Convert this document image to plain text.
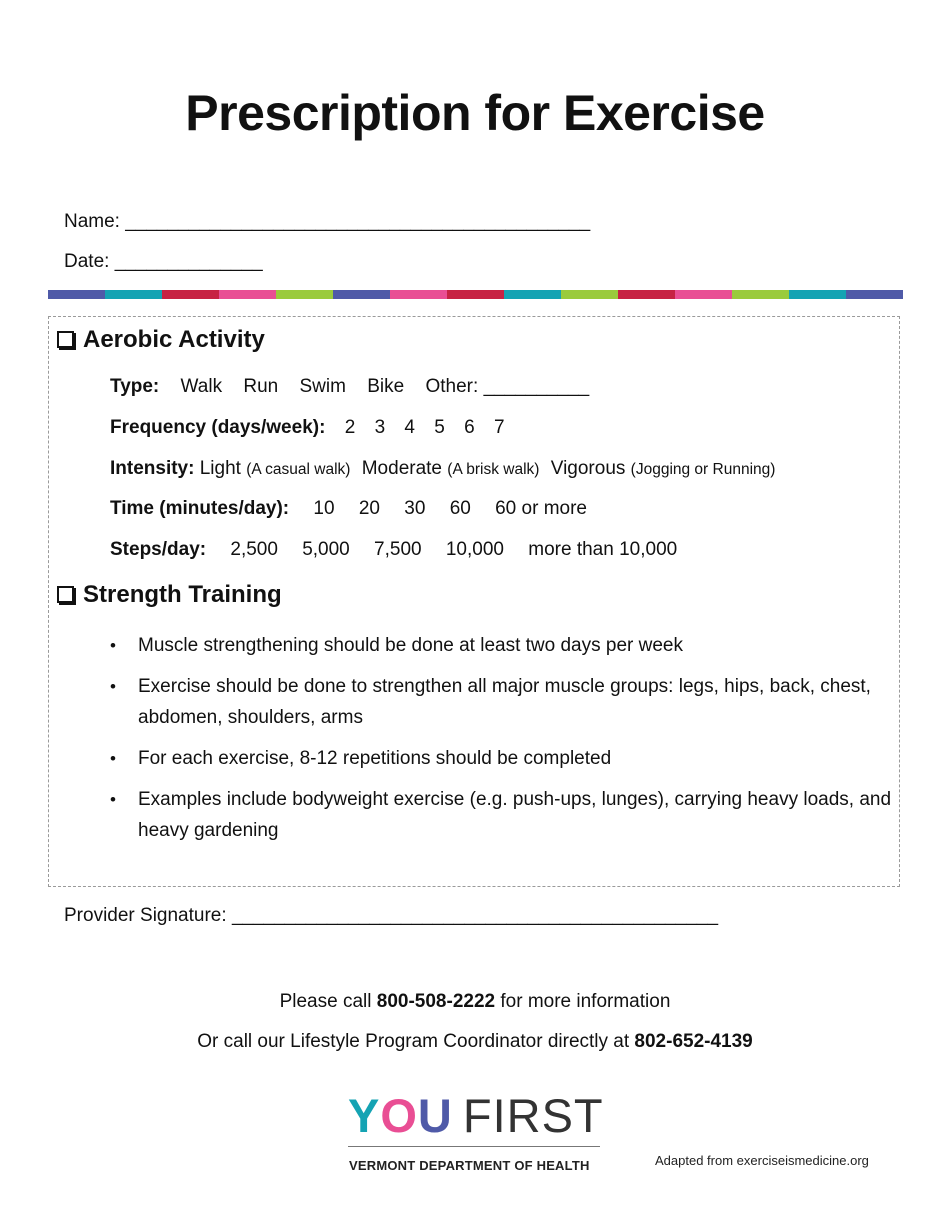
Prescription for Exercise
Name: ____________________________________________
Date: ______________
Aerobic Activity
Type: Walk Run Swim Bike Other: __________
Frequency (days/week): 2 3 4 5 6 7
Intensity: Light (A casual walk) Moderate (A brisk walk) Vigorous (Jogging or Running)
Time (minutes/day): 10 20 30 60 60 or more
Steps/day: 2,500 5,000 7,500 10,000 more than 10,000
Strength Training
• Muscle strengthening should be done at least two days per week
• Exercise should be done to strengthen all major muscle groups: legs, hips, back, chest, abdomen, shoulders, arms
• For each exercise, 8-12 repetitions should be completed
• Examples include bodyweight exercise (e.g. push-ups, lunges), carrying heavy loads, and heavy gardening
Provider Signature: ______________________________________________
Please call 800-508-2222 for more information
Or call our Lifestyle Program Coordinator directly at 802-652-4139
YOU FIRST
VERMONT DEPARTMENT OF HEALTH	Adapted from exerciseismedicine.org
